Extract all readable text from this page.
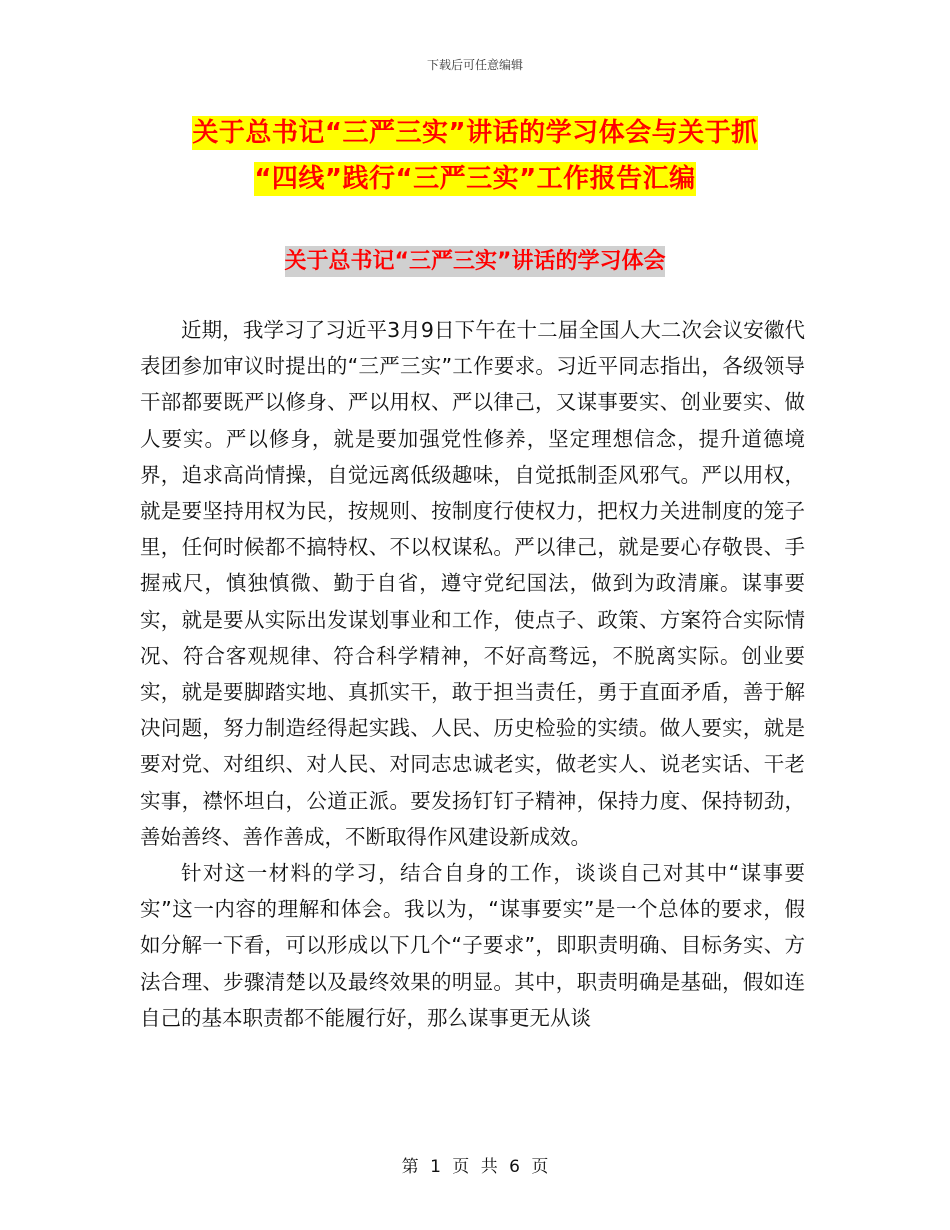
下载后可任意编辑
关于总书记“三严三实”讲话的学习体会与关于抓
“四线”践行“三严三实”工作报告汇编
关于总书记“三严三实”讲话的学习体会

近期，我学习了习近平3月9日下午在十二届全国人大二次会议安徽代表团参加审议时提出的“三严三实”工作要求。习近平同志指出，各级领导干部都要既严以修身、严以用权、严以律己，又谋事要实、创业要实、做人要实。严以修身，就是要加强党性修养，坚定理想信念，提升道德境界，追求高尚情操，自觉远离低级趣味，自觉抵制歪风邪气。严以用权，就是要坚持用权为民，按规则、按制度行使权力，把权力关进制度的笼子里，任何时候都不搞特权、不以权谋私。严以律己，就是要心存敬畏、手握戒尺，慎独慎微、勤于自省，遵守党纪国法，做到为政清廉。谋事要实，就是要从实际出发谋划事业和工作，使点子、政策、方案符合实际情况、符合客观规律、符合科学精神，不好高骛远，不脱离实际。创业要实，就是要脚踏实地、真抓实干，敢于担当责任，勇于直面矛盾，善于解决问题，努力制造经得起实践、人民、历史检验的实绩。做人要实，就是要对党、对组织、对人民、对同志忠诚老实，做老实人、说老实话、干老实事，襟怀坦白，公道正派。要发扬钉钉子精神，保持力度、保持韧劲，善始善终、善作善成，不断取得作风建设新成效。

针对这一材料的学习，结合自身的工作，谈谈自己对其中“谋事要实”这一内容的理解和体会。我以为，“谋事要实”是一个总体的要求，假如分解一下看，可以形成以下几个“子要求”，即职责明确、目标务实、方法合理、步骤清楚以及最终效果的明显。其中，职责明确是基础，假如连自己的基本职责都不能履行好，那么谋事更无从谈

第 1 页 共 6 页
